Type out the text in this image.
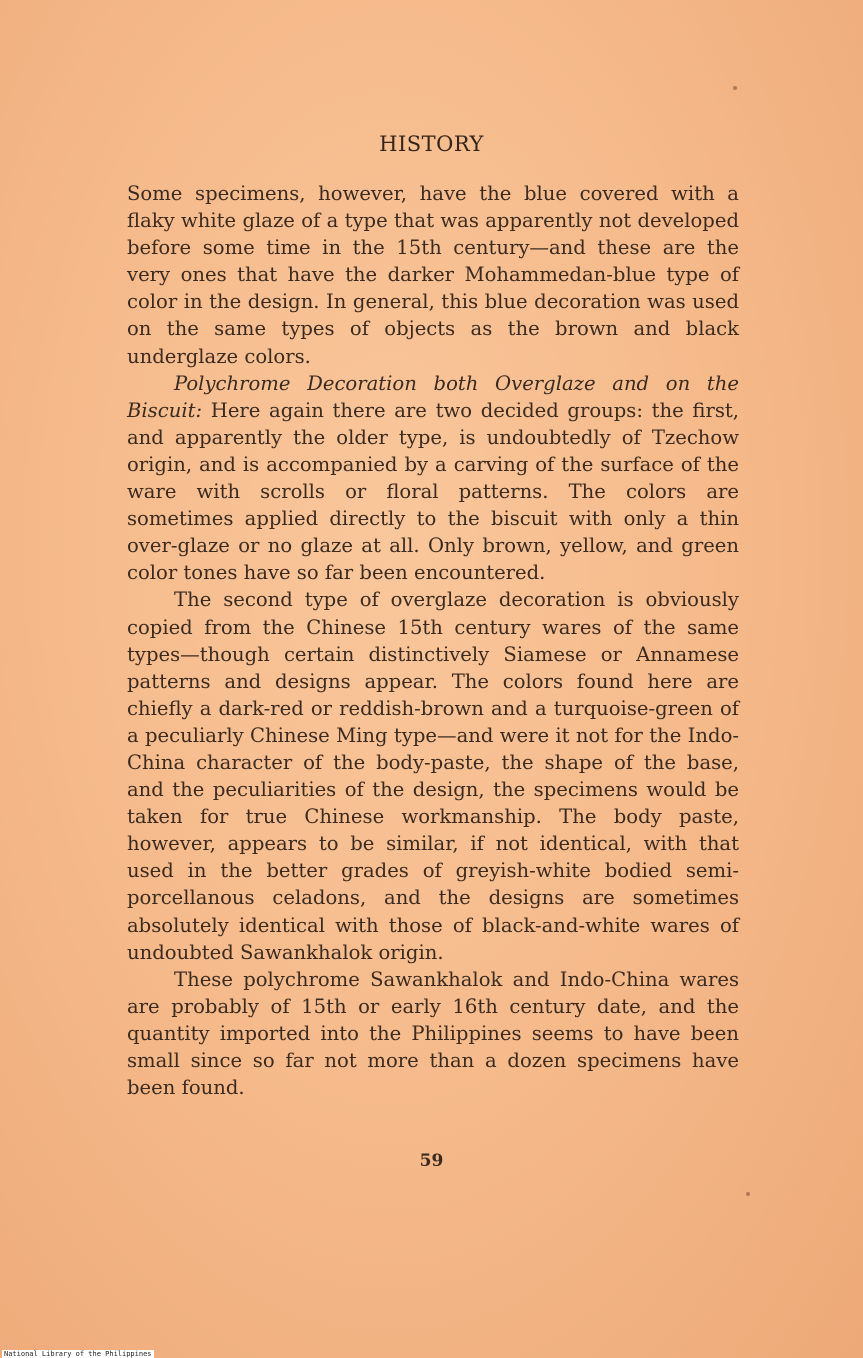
HISTORY

Some specimens, however, have the blue covered with a flaky white glaze of a type that was apparently not developed before some time in the 15th century—and these are the very ones that have the darker Mohammedan-blue type of color in the design. In general, this blue decoration was used on the same types of objects as the brown and black underglaze colors.

Polychrome Decoration both Overglaze and on the Biscuit: Here again there are two decided groups: the first, and apparently the older type, is undoubtedly of Tzechow origin, and is accompanied by a carving of the surface of the ware with scrolls or floral patterns. The colors are sometimes applied directly to the biscuit with only a thin over-glaze or no glaze at all. Only brown, yellow, and green color tones have so far been encountered.

The second type of overglaze decoration is obviously copied from the Chinese 15th century wares of the same types—though certain distinctively Siamese or Annamese patterns and designs appear. The colors found here are chiefly a dark-red or reddish-brown and a turquoise-green of a peculiarly Chinese Ming type—and were it not for the Indo-China character of the body-paste, the shape of the base, and the peculiarities of the design, the specimens would be taken for true Chinese workmanship. The body paste, however, appears to be similar, if not identical, with that used in the better grades of greyish-white bodied semi-porcellanous celadons, and the designs are sometimes absolutely identical with those of black-and-white wares of undoubted Sawankhalok origin.

These polychrome Sawankhalok and Indo-China wares are probably of 15th or early 16th century date, and the quantity imported into the Philippines seems to have been small since so far not more than a dozen specimens have been found.

59
National Library of the Philippines
